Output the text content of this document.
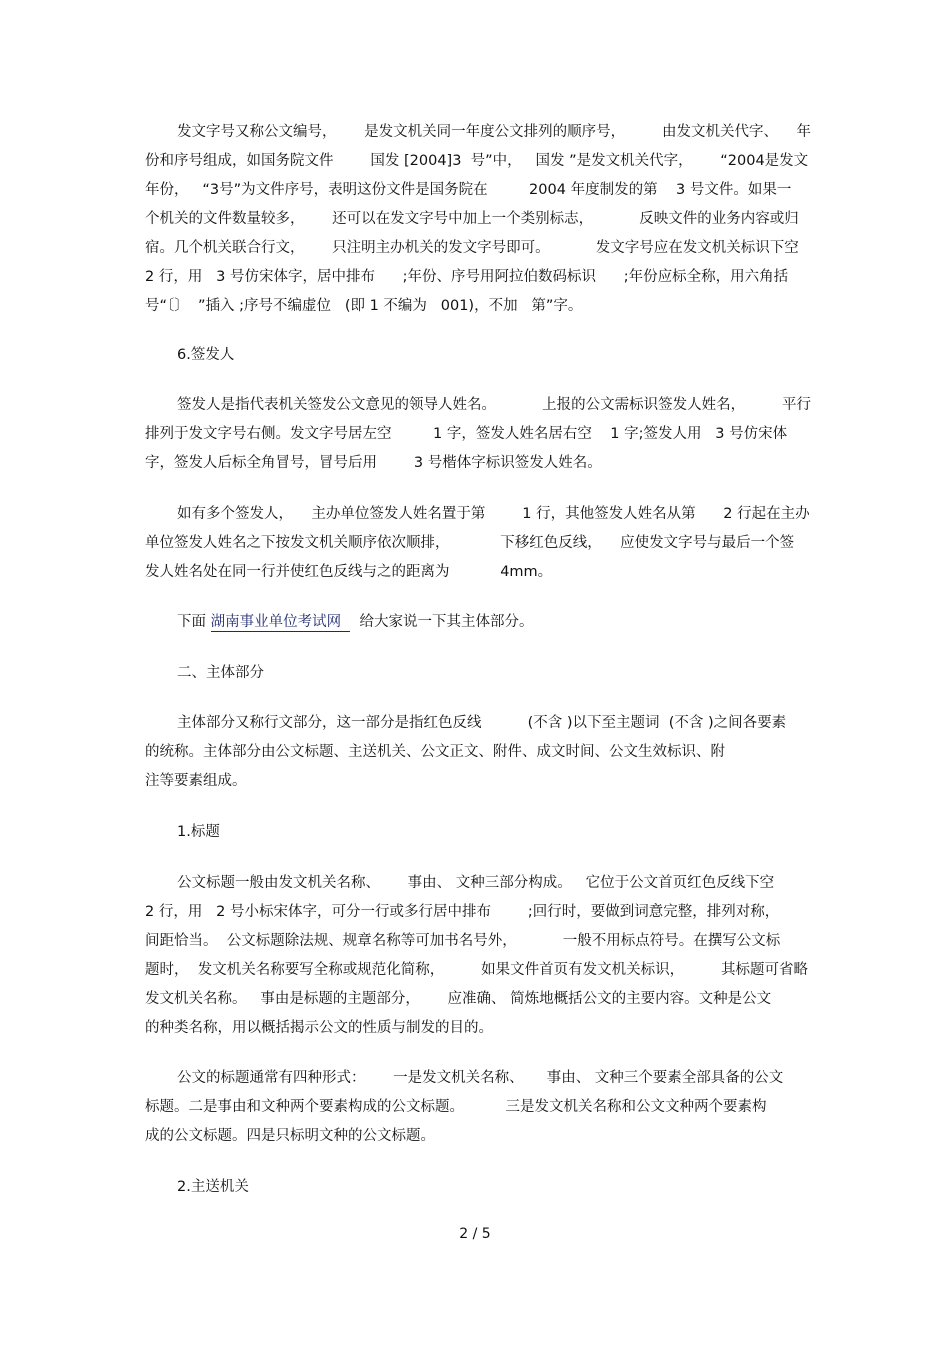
发文字号又称公文编号，      是发文机关同一年度公文排列的顺序号，        由发文机关代字、    年
份和序号组成，如国务院文件        国发 [2004]3  号”中，   国发 ”是发文机关代字，      “2004是发文
年份，   “3号”为文件序号，表明这份文件是国务院在         2004 年度制发的第    3 号文件。如果一
个机关的文件数量较多，      还可以在发文字号中加上一个类别标志，          反映文件的业务内容或归
宿。几个机关联合行文，      只注明主办机关的发文字号即可。          发文字号应在发文机关标识下空
2 行，用   3 号仿宋体字，居中排布      ;年份、序号用阿拉伯数码标识      ;年份应标全称，用六角括
号“〔〕  ”插入 ;序号不编虚位   (即 1 不编为   001)，不加   第”字。
6.签发人
签发人是指代表机关签发公文意见的领导人姓名。          上报的公文需标识签发人姓名，        平行
排列于发文字号右侧。发文字号居左空         1 字，签发人姓名居右空    1 字;签发人用   3 号仿宋体
字，签发人后标全角冒号，冒号后用        3 号楷体字标识签发人姓名。
如有多个签发人，    主办单位签发人姓名置于第        1 行，其他签发人姓名从第      2 行起在主办
单位签发人姓名之下按发文机关顺序依次顺排，           下移红色反线，    应使发文字号与最后一个签
发人姓名处在同一行并使红色反线与之的距离为           4mm。
下面 湖南事业单位考试网    给大家说一下其主体部分。
二、主体部分
主体部分又称行文部分，这一部分是指红色反线          (不含 )以下至主题词  (不含 )之间各要素
的统称。主体部分由公文标题、主送机关、公文正文、附件、成文时间、公文生效标识、附
注等要素组成。
1.标题
公文标题一般由发文机关名称、      事由、 文种三部分构成。   它位于公文首页红色反线下空
2 行，用   2 号小标宋体字，可分一行或多行居中排布        ;回行时，要做到词意完整，排列对称，
间距恰当。  公文标题除法规、规章名称等可加书名号外，          一般不用标点符号。在撰写公文标
题时，  发文机关名称要写全称或规范化简称，        如果文件首页有发文机关标识，        其标题可省略
发文机关名称。   事由是标题的主题部分，      应准确、 简炼地概括公文的主要内容。文种是公文
的种类名称，用以概括揭示公文的性质与制发的目的。
公文的标题通常有四种形式：      一是发文机关名称、     事由、 文种三个要素全部具备的公文
标题。二是事由和文种两个要素构成的公文标题。         三是发文机关名称和公文文种两个要素构
成的公文标题。四是只标明文种的公文标题。
2.主送机关
2 / 5
